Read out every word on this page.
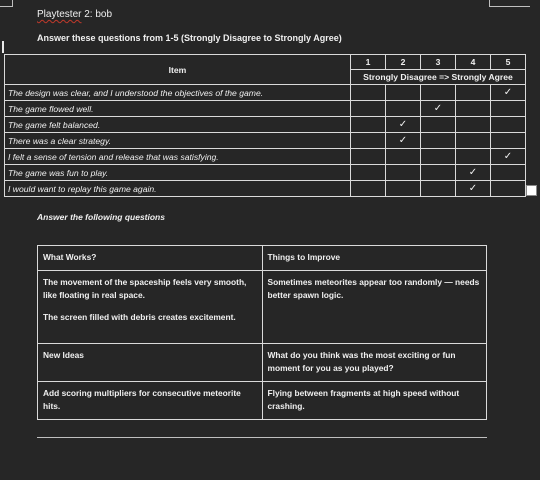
Playtester 2: bob
Answer these questions from 1-5 (Strongly Disagree to Strongly Agree)
Item	1	2	3	4	5
	Strongly Disagree => Strongly Agree				
The design was clear, and I understood the objectives of the game.					✓
The game flowed well.			✓		
The game felt balanced.		✓			
There was a clear strategy.		✓			
I felt a sense of tension and release that was satisfying.					✓
The game was fun to play.				✓	
I would want to replay this game again.				✓	
Answer the following questions
What Works?	Things to Improve

The movement of the spaceship feels very smooth, like floating in real space.
The screen filled with debris creates excitement.	Sometimes meteorites appear too randomly — needs better spawn logic.

New Ideas	What do you think was the most exciting or fun moment for you as you played?
Add scoring multipliers for consecutive meteorite hits.	Flying between fragments at high speed without crashing.
